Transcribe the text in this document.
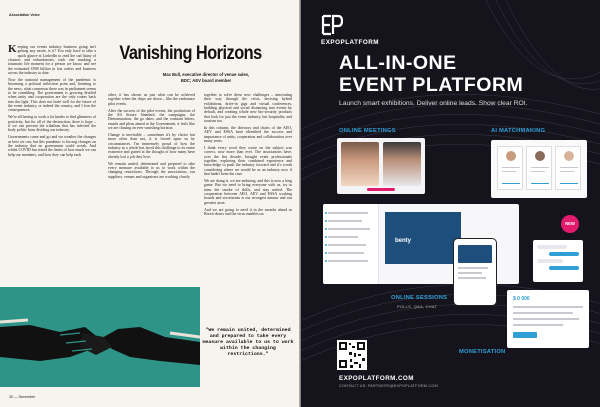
Association Voice

Keeping our events industry business going isn't getting any easier, is it? You only have to take a quick glance at LinkedIn to read the sad litany of closures and redundancies, each one marking a traumatic life moment for a person we know, and see the estimated £900 billion in lost orders and business across the industry to date.

Now the national management of the pandemic is becoming a political inflection point and, listening to the news, what consensus there was in parliament seems to be crumbling. The government is growing divided when unity and cooperation are the only routes back into the light. This does not bode well for the future of the event industry, or indeed the country, and I fear the consequences.

We're all having to work a lot harder to find glimmers of positivity, but for all of the destruction, there is hope – if we can prevent the tribalism that has infected the body politic from dividing our industry.

Governments come and go and we weather the changes as best we can, but this pandemic is forcing changes on the industry that no government could wreak. And whilst COVID has tested the limits of how much we can help our members, and how they can help each

Vanishing Horizons
Max Bull, executive director of venue sales,
BDC; AEV board member

other, it has shown us just what can be achieved together when the chips are down – like the endurance pilot events.

After the success of the pilot events, the production of the All Secure Standard, the campaigns, the Demonstration, the go dates, and the constant letters, emails and pleas aimed at the Government, it feels like we are chasing an ever vanishing horizon.

Change is inevitable – sometimes it's by choice but more often than not, it is forced upon us by circumstances. I'm immensely proud of how the industry as a whole has faced this challenge to its entire existence and gutted at the thought of how many have already lost a job they love.

We remain united, determined and prepared to take every measure available to us to work within the changing restrictions. Through the associations, our suppliers, venues and organisers are working closely

together to solve these new challenges – innovating their way through the crisis, devising hybrid exhibitions, drive-in gigs and virtual conferences, building physical and social distancing into events by default, and creating whole new bio-security products that look for just the event industry, but hospitality and tourism too.

In this column, the directors and chairs of the AEO, AEV and ESSA have identified the success and importance of unity, cooperation and collaboration over many years.

I think every word they wrote on the subject was correct, now more than ever. The associations have, over the last decade, brought event professionals together, exploring their combined experience and knowledge to push the industry forward and it's worth considering where we would be as an industry now if that hadn't been the case.

We are doing it, we are enduring, and this is now a long game. But we need to bring everyone with us, try to stem the smoke of shills, and stay united. The cooperation between AEO, AEV and ESSA working boards and secretariats is our strongest armour and our greatest asset.

And we are going to need it in the months ahead as Brexit draws and the virus rumbles on.

"We remain united, determined and prepared to take every measure available to us to work within the changing restrictions."
30 — December
EXPOPLATFORM
ALL-IN-ONE
EVENT PLATFORM
Launch smart exhibitions. Deliver online leads. Show clear ROI.
ONLINE MEETINGS	AI MATCHMAKING
benty
NEW
ONLINE SESSIONS
POLLS, Q&A, CHAT
$ 0 000
MONETISATION
EXPOPLATFORM.COM
CONTACT US: PARTNERS@EXPOPLATFORM.COM
